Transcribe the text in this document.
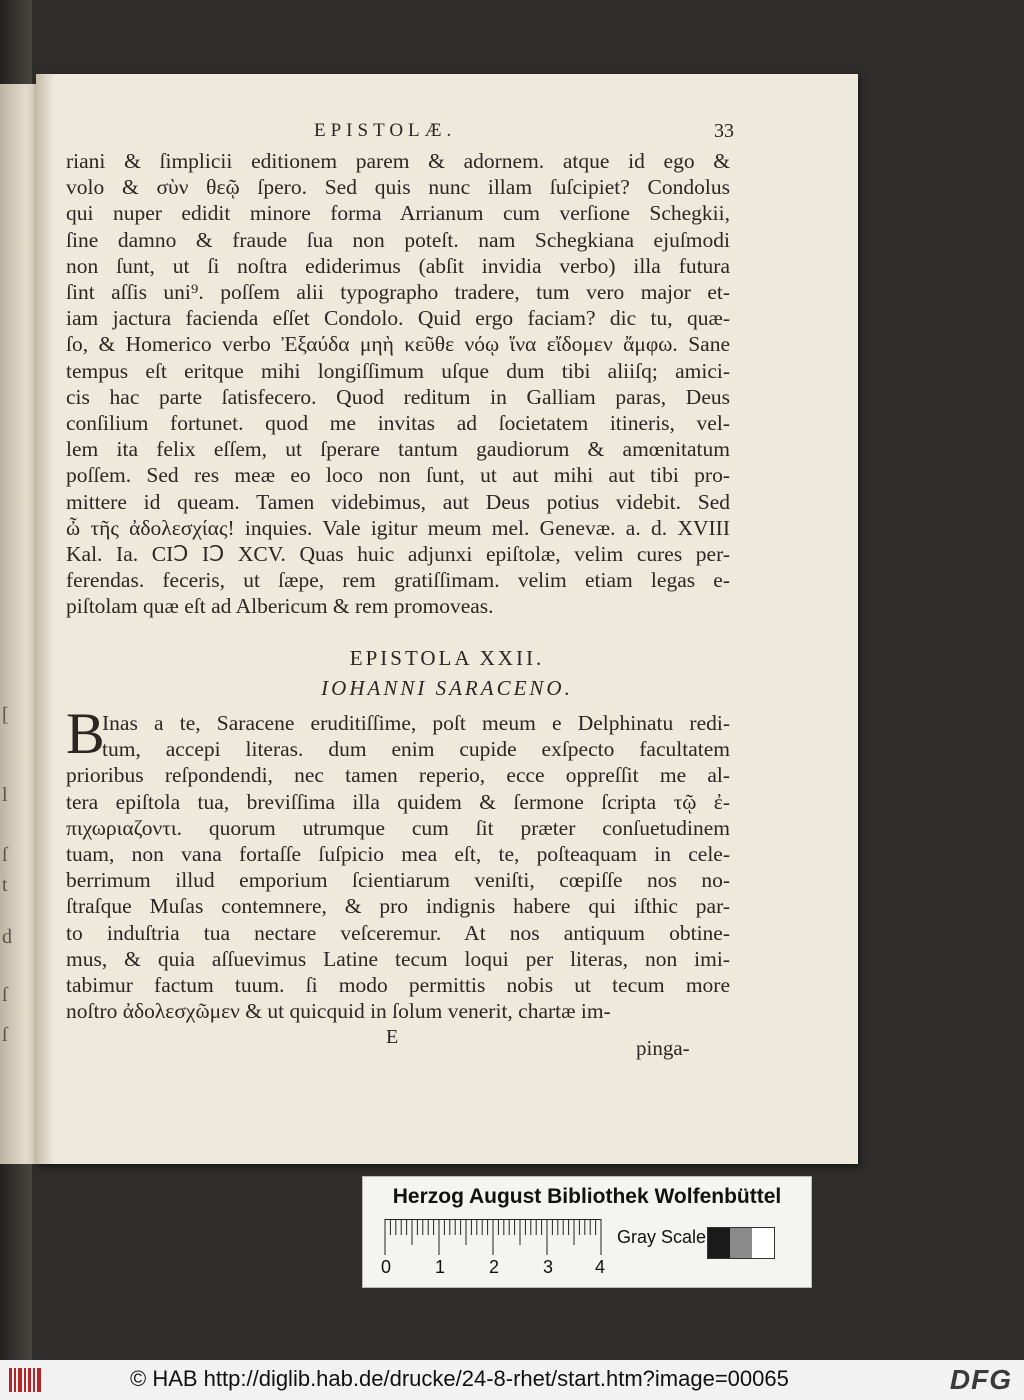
[
l
ſ
t
d
ſ
ſ
EPISTOLÆ.	33
riani & ſimplicii editionem parem & adornem. atque id ego &
volo & σὺν θεῷ ſpero. Sed quis nunc illam ſuſcipiet? Condolus
qui nuper edidit minore forma Arrianum cum verſione Schegkii,
ſine damno & fraude ſua non poteſt. nam Schegkiana ejuſmodi
non ſunt, ut ſi noſtra ediderimus (abſit invidia verbo) illa futura
ſint aſſis uni⁹. poſſem alii typographo tradere, tum vero major et-
iam jactura facienda eſſet Condolo. Quid ergo faciam? dic tu, quæ-
ſo, & Homerico verbo Ἐξαύδα μηὴ κεῦθε νόῳ ἵνα εἴδομεν ἄμφω. Sane
tempus eſt eritque mihi longiſſimum uſque dum tibi aliiſq; amici-
cis hac parte ſatisfecero. Quod reditum in Galliam paras, Deus
conſilium fortunet. quod me invitas ad ſocietatem itineris, vel-
lem ita felix eſſem, ut ſperare tantum gaudiorum & amœnitatum
poſſem. Sed res meæ eo loco non ſunt, ut aut mihi aut tibi pro-
mittere id queam. Tamen videbimus, aut Deus potius videbit. Sed
ὦ τῆς ἀδολεσχίας! inquies. Vale igitur meum mel. Genevæ. a. d. XVIII
Kal. Ia. CIↃ IↃ XCV. Quas huic adjunxi epiſtolæ, velim cures per-
ferendas. feceris, ut ſæpe, rem gratiſſimam. velim etiam legas e-
piſtolam quæ eſt ad Albericum & rem promoveas.
EPISTOLA XXII.
IOHANNI SARACENO.
B
Inas a te, Saracene eruditiſſime, poſt meum e Delphinatu redi-
tum, accepi literas. dum enim cupide exſpecto facultatem
prioribus reſpondendi, nec tamen reperio, ecce oppreſſit me al-
tera epiſtola tua, breviſſima illa quidem & ſermone ſcripta τῷ ἐ-
πιχωριαζοντι. quorum utrumque cum ſit præter conſuetudinem
tuam, non vana fortaſſe ſuſpicio mea eſt, te, poſteaquam in cele-
berrimum illud emporium ſcientiarum veniſti, cœpiſſe nos no-
ſtraſque Muſas contemnere, & pro indignis habere qui iſthic par-
to induſtria tua nectare veſceremur. At nos antiquum obtine-
mus, & quia aſſuevimus Latine tecum loqui per literas, non imi-
tabimur factum tuum. ſi modo permittis nobis ut tecum more
noſtro ἀδολεσχῶμεν & ut quicquid in ſolum venerit, chartæ im-
E	pinga-
Herzog August Bibliothek Wolfenbüttel
0 1 2 3 4
Gray Scale
© HAB http://diglib.hab.de/drucke/24-8-rhet/start.htm?image=00065	DFG
